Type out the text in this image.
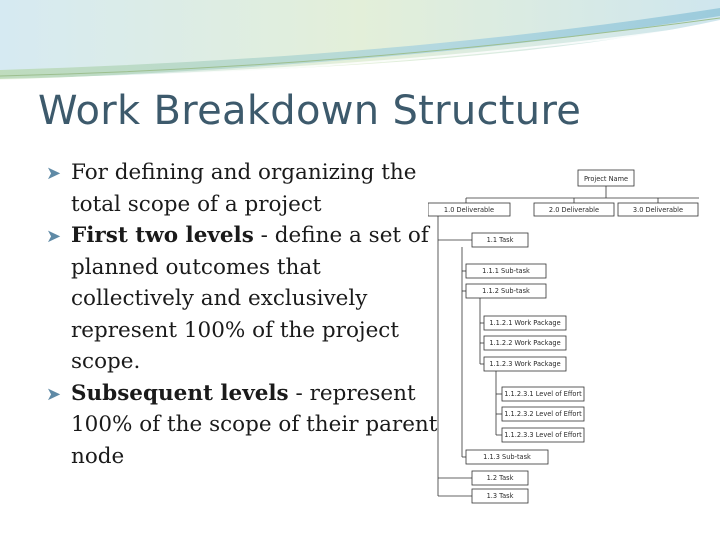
Work Breakdown Structure

➤ For defining and organizing the total scope of a project

➤ First two levels - define a set of planned outcomes that collectively and exclusively represent 100% of the project scope.

➤ Subsequent levels - represent 100% of the scope of their parent node

Project Name
1.0 Deliverable	2.0 Deliverable	3.0 Deliverable
1.1 Task
1.1.1 Sub-task
1.1.2 Sub-task
1.1.2.1 Work Package
1.1.2.2 Work Package
1.1.2.3 Work Package
1.1.2.3.1 Level of Effort
1.1.2.3.2 Level of Effort
1.1.2.3.3 Level of Effort
1.1.3 Sub-task
1.2 Task
1.3 Task
